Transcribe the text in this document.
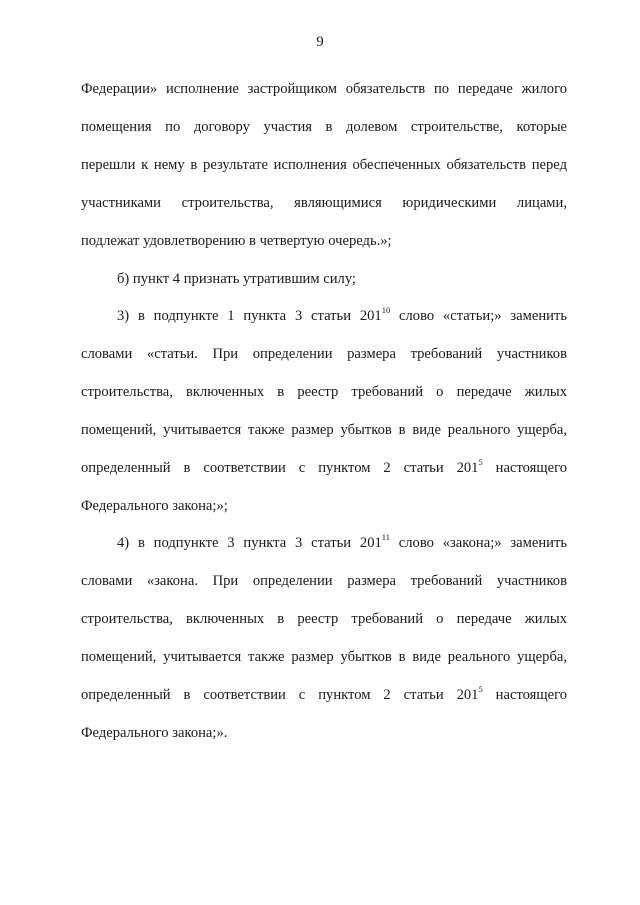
9
Федерации» исполнение застройщиком обязательств по передаче жилого
помещения по договору участия в долевом строительстве, которые
перешли к нему в результате исполнения обеспеченных обязательств перед
участниками строительства, являющимися юридическими лицами,
подлежат удовлетворению в четвертую очередь.»;
б) пункт 4 признать утратившим силу;
3) в подпункте 1 пункта 3 статьи $201^{10}$ слово «статьи;» заменить
словами «статьи. При определении размера требований участников
строительства, включенных в реестр требований о передаче жилых
помещений, учитывается также размер убытков в виде реального ущерба,
определенный в соответствии с пунктом 2 статьи $201^5$ настоящего
Федерального закона;»;
4) в подпункте 3 пункта 3 статьи $201^{11}$ слово «закона;» заменить
словами «закона. При определении размера требований участников
строительства, включенных в реестр требований о передаче жилых
помещений, учитывается также размер убытков в виде реального ущерба,
определенный в соответствии с пунктом 2 статьи $201^5$ настоящего
Федерального закона;».
